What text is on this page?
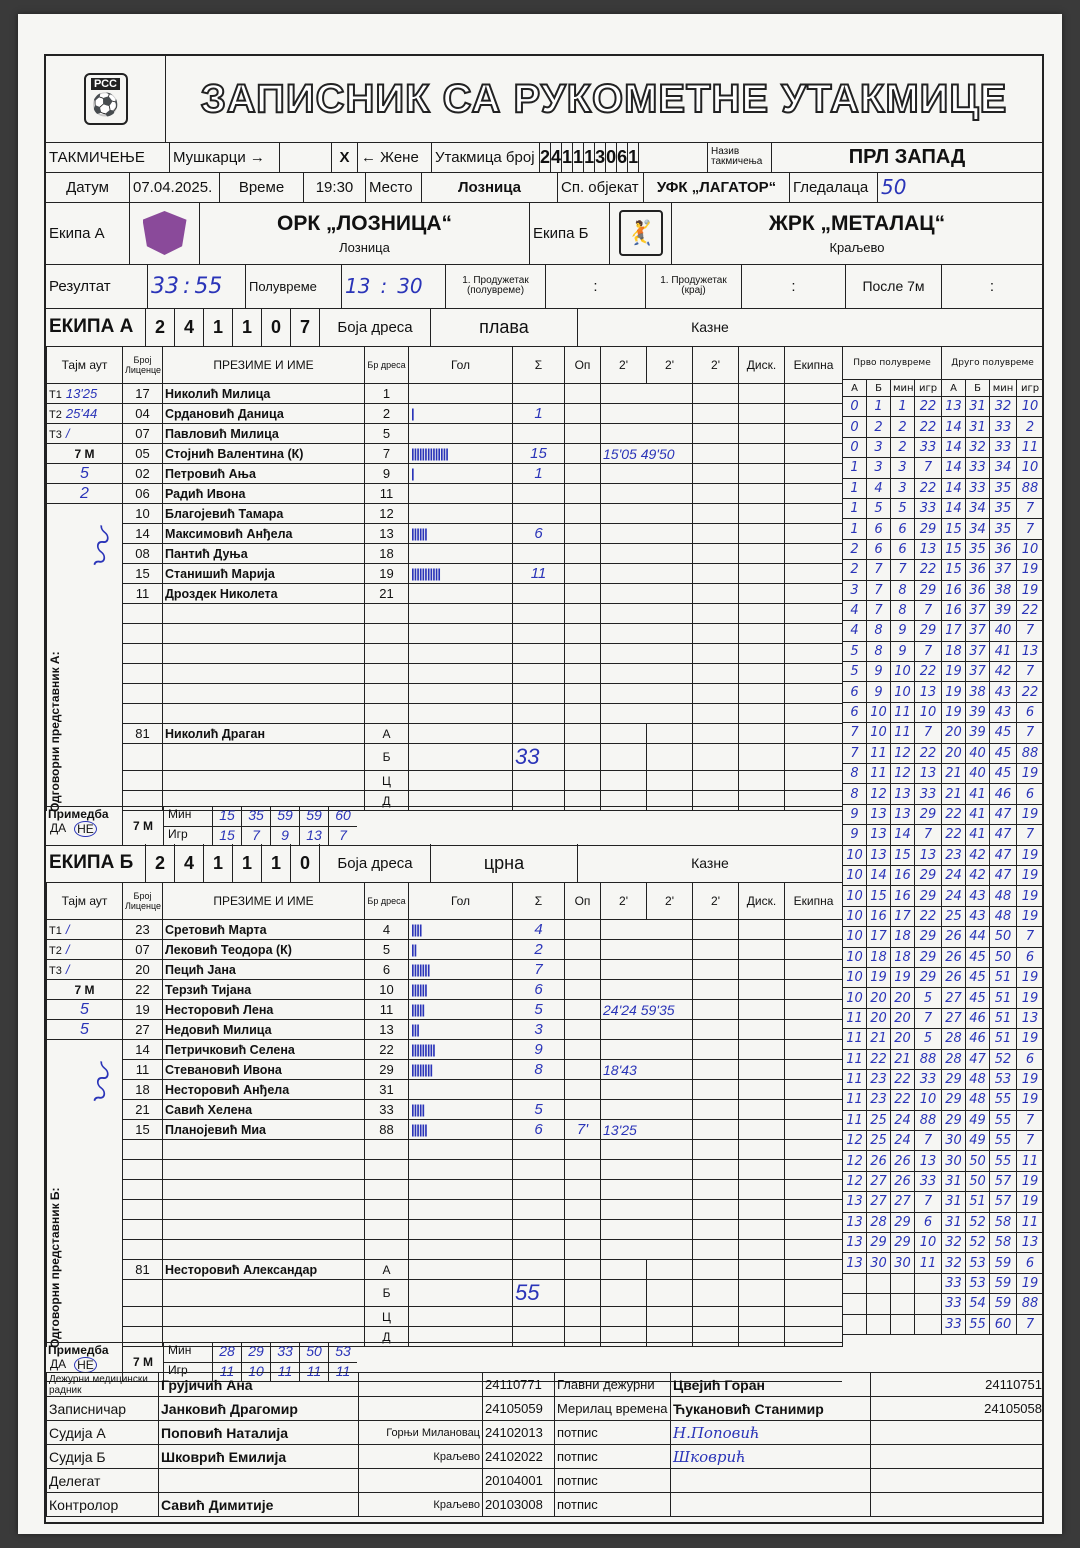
РСС
⚽ ЗАПИСНИК СА РУКОМЕТНЕ УТАКМИЦЕ
ТАКМИЧЕЊЕ	Мушкарци →	X ← Жене	Утакмица број 2 4 1 1 1 3 0 6 1	Назив такмичења	ПРЛ ЗАПАД
Датум	07.04.2025.	Време	19:30	Место	Лозница	Сп. објекат	УФК „ЛАГАТОР“	Гледалаца 50
Екипа А	ОРК „ЛОЗНИЦА“
Лозница
Екипа Б	🤾	ЖРК „МЕТАЛАЦ“
Краљево
Резултат	33 : 55 Полувреме	13 : 30	1. Продужетак (полувреме)	:	1. Продужетак (крај)	:	После 7м	:
ЕКИПА А	2	4	1	1	0	7	Боја дреса	плава	Казне
Тајм аут	Број Лиценце	ПРЕЗИМЕ И ИМЕ	Бр дреса	Гол	Σ	Оп	2'	2'	2'	Диск.	Екипна
Т1 13'25	17	Николић Милица	1								
Т2 25'44	04	Срдановић Даница	2	|	1						
Т3 /	07	Павловић Милица	5								
7 М	05	Стојнић Валентина (К)	7	||||||||||||||	15		15'05 49'50				
5	02	Петровић Ања	9	|	1						
2	06	Радић Ивона	11								
	10	Благојевић Тамара	12								
	14	Максимовић Анђела	13	||||||	6						
	08	Пантић Дуња	18								
	15	Станишић Марија	19	|||||||||||	11						
	11	Дроздек Николета	21								

	81	Николић Драган	А								
			Б		33						
			Ц								
			Д								
Одговорни представник А:
〰
Примедба
ДА НЕ	7 М
Мин	15 35 59 59 60
Игр	15	7	9	13	7
ЕКИПА Б	2	4	1	1	1	0	Боја дреса	црна	Казне
Тајм аут	Број Лиценце	ПРЕЗИМЕ И ИМЕ	Бр дреса	Гол	Σ	Оп	2'	2'	2'	Диск.	Екипна
Т1 /	23	Сретовић Марта	4	||||	4						
Т2 /	07	Лековић Теодора (К)	5	||	2						
Т3 /	20	Пецић Јана	6	|||||||	7						
7 М	22	Терзић Тијана	10	||||||	6						
5	19	Несторовић Лена	11	|||||	5		24'24 59'35				
5	27	Недовић Милица	13	|||	3						
	14	Петричковић Селена	22	|||||||||	9						
	11	Стевановић Ивона	29	||||||||	8		18'43				
	18	Несторовић Анђела	31								
	21	Савић Хелена	33	|||||	5						
	15	Планојевић Миа	88	||||||	6	7'	13'25				

	81	Несторовић Александар	А								
			Б		55						
			Ц								
			Д								
Одговорни представник Б:
〰
Примедба
ДА НЕ	7 М
Мин	28 29 33 50 53
Игр	11 10 11	11	11
Прво полувреме				Друго полувреме			
А	Б	мин	игр	А	Б	мин	игр
0	1	1	22	13	31	32	10
0	2	2	22	14	31	33	2
0	3	2	33	14	32	33	11
1	3	3	7	14	33	34	10
1	4	3	22	14	33	35	88
1	5	5	33	14	34	35	7
1	6	6	29	15	34	35	7
2	6	6	13	15	35	36	10
2	7	7	22	15	36	37	19
3	7	8	29	16	36	38	19
4	7	8	7	16	37	39	22
4	8	9	29	17	37	40	7
5	8	9	7	18	37	41	13
5	9	10	22	19	37	42	7
6	9	10	13	19	38	43	22
6	10	11	10	19	39	43	6
7	10	11	7	20	39	45	7
7	11	12	22	20	40	45	88
8	11	12	13	21	40	45	19
8	12	13	33	21	41	46	6
9	13	13	29	22	41	47	19
9	13	14	7	22	41	47	7
10	13	15	13	23	42	47	19
10	14	16	29	24	42	47	19
10	15	16	29	24	43	48	19
10	16	17	22	25	43	48	19
10	17	18	29	26	44	50	7
10	18	18	29	26	45	50	6
10	19	19	29	26	45	51	19
10	20	20	5	27	45	51	19
11	20	20	7	27	46	51	13
11	21	20	5	28	46	51	19
11	22	21	88	28	47	52	6
11	23	22	33	29	48	53	19
11	23	22	10	29	48	55	19
11	25	24	88	29	49	55	7
12	25	24	7	30	49	55	7
12	26	26	13	30	50	55	11
12	27	26	33	31	50	57	19
13	27	27	7	31	51	57	19
13	28	29	6	31	52	58	11
13	29	29	10	32	52	58	13
13	30	30	11	32	53	59	6
				33	53	59	19
				33	54	59	88
				33	55	60	7
Дежурни медицински радник	Грујичић Ана		24110771	Главни дежурни	Цвејић Горан	24110751
Записничар	Јанковић Драгомир		24105059	Мерилац времена	Ћукановић Станимир	24105058
Судија А	Поповић Наталија	Горњи Милановац	24102013	потпис	Н.Поповић	
Судија Б	Шковрић Емилија	Краљево	24102022	потпис	Шковрић	
Делегат			20104001	потпис		
Контролор	Савић Димитије	Краљево	20103008	потпис		
